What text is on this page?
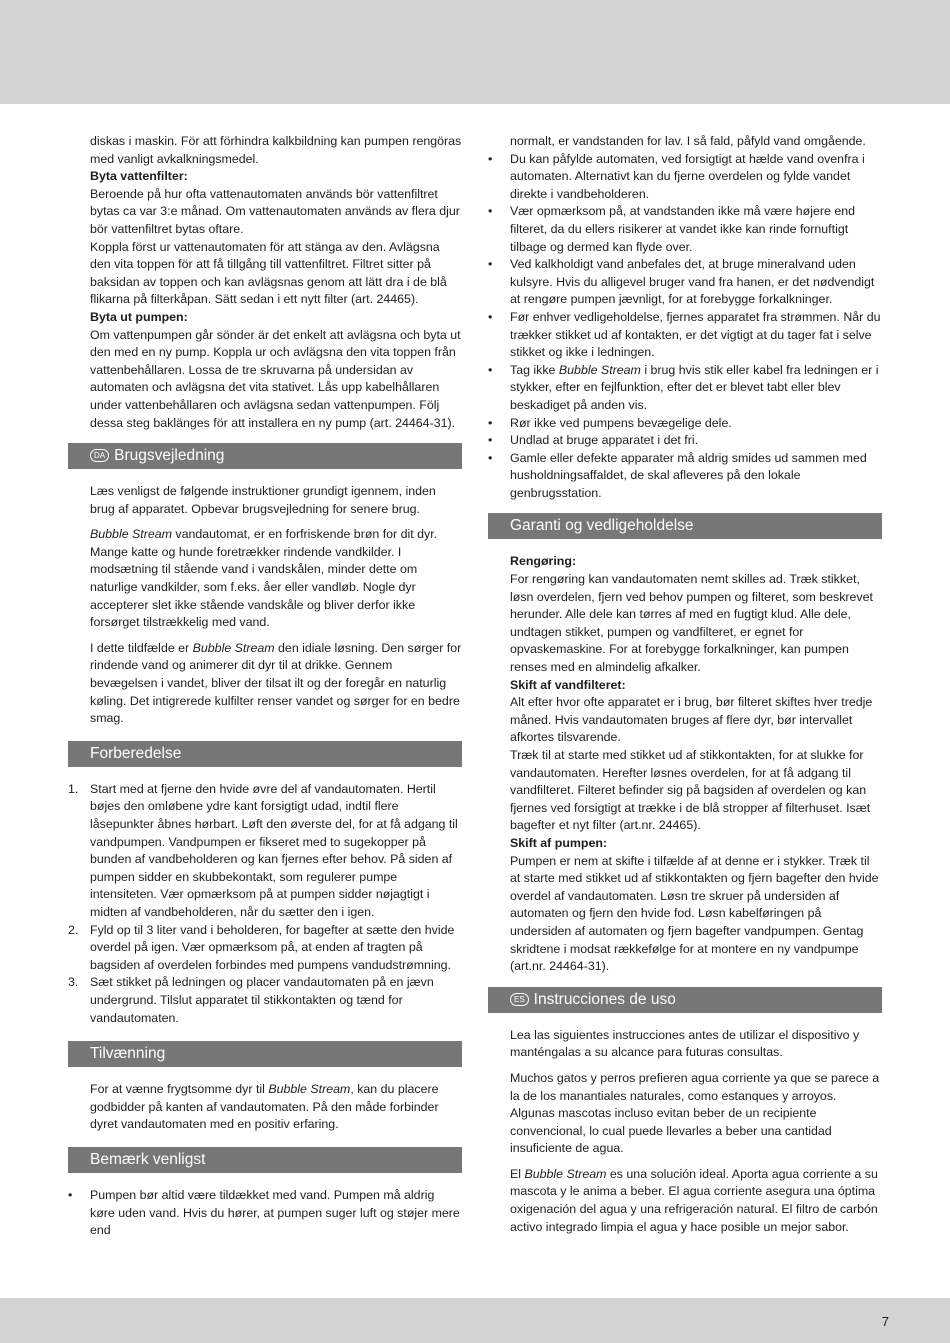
diskas i maskin. För att förhindra kalkbildning kan pumpen rengöras med vanligt avkalkningsmedel.

Byta vattenfilter:

Beroende på hur ofta vattenautomaten används bör vattenfiltret bytas ca var 3:e månad. Om vattenautomaten används av flera djur bör vattenfiltret bytas oftare.

Koppla först ur vattenautomaten för att stänga av den. Avlägsna den vita toppen för att få tillgång till vattenfiltret. Filtret sitter på baksidan av toppen och kan avlägsnas genom att lätt dra i de blå flikarna på filterkåpan. Sätt sedan i ett nytt filter (art. 24465).

Byta ut pumpen:

Om vattenpumpen går sönder är det enkelt att avlägsna och byta ut den med en ny pump. Koppla ur och avlägsna den vita toppen från vattenbehållaren. Lossa de tre skruvarna på undersidan av automaten och avlägsna det vita stativet. Lås upp kabelhållaren under vattenbehållaren och avlägsna sedan vattenpumpen. Följ dessa steg baklänges för att installera en ny pump (art. 24464-31).

DA Brugsvejledning

Læs venligst de følgende instruktioner grundigt igennem, inden brug af apparatet. Opbevar brugsvejledning for senere brug.

Bubble Stream vandautomat, er en forfriskende brøn for dit dyr. Mange katte og hunde foretrækker rindende vandkilder. I modsætning til stående vand i vandskålen, minder dette om naturlige vandkilder, som f.eks. åer eller vandløb. Nogle dyr accepterer slet ikke stående vandskåle og bliver derfor ikke forsørget tilstrækkelig med vand.

I dette tildfælde er Bubble Stream den idiale løsning. Den sørger for rindende vand og animerer dit dyr til at drikke. Gennem bevægelsen i vandet, bliver der tilsat ilt og der foregår en naturlig køling. Det intigrerede kulfilter renser vandet og sørger for en bedre smag.

Forberedelse
1. Start med at fjerne den hvide øvre del af vandautomaten. Hertil bøjes den omløbene ydre kant forsigtigt udad, indtil flere låsepunkter åbnes hørbart. Løft den øverste del, for at få adgang til vandpumpen. Vandpumpen er fikseret med to sugekopper på bunden af vandbeholderen og kan fjernes efter behov. På siden af pumpen sidder en skubbekontakt, som regulerer pumpe intensiteten. Vær opmærksom på at pumpen sidder nøjagtigt i midten af vandbeholderen, når du sætter den i igen.
2. Fyld op til 3 liter vand i beholderen, for bagefter at sætte den hvide overdel på igen. Vær opmærksom på, at enden af tragten på bagsiden af overdelen forbindes med pumpens vandudstrømning.
3. Sæt stikket på ledningen og placer vandautomaten på en jævn undergrund. Tilslut apparatet til stikkontakten og tænd for vandautomaten.
Tilvænning

For at vænne frygtsomme dyr til Bubble Stream, kan du placere godbidder på kanten af vandautomaten. På den måde forbinder dyret vandautomaten med en positiv erfaring.

Bemærk venligst
• Pumpen bør altid være tildækket med vand. Pumpen må aldrig køre uden vand. Hvis du hører, at pumpen suger luft og støjer mere end

normalt, er vandstanden for lav. I så fald, påfyld vand omgående.

• Du kan påfylde automaten, ved forsigtigt at hælde vand ovenfra i automaten. Alternativt kan du fjerne overdelen og fylde vandet direkte i vandbeholderen.
• Vær opmærksom på, at vandstanden ikke må være højere end filteret, da du ellers risikerer at vandet ikke kan rinde fornuftigt tilbage og dermed kan flyde over.
• Ved kalkholdigt vand anbefales det, at bruge mineralvand uden kulsyre. Hvis du alligevel bruger vand fra hanen, er det nødvendigt at rengøre pumpen jævnligt, for at forebygge forkalkninger.
• Før enhver vedligeholdelse, fjernes apparatet fra strømmen. Når du trækker stikket ud af kontakten, er det vigtigt at du tager fat i selve stikket og ikke i ledningen.
• Tag ikke Bubble Stream i brug hvis stik eller kabel fra ledningen er i stykker, efter en fejlfunktion, efter det er blevet tabt eller blev beskadiget på anden vis.
• Rør ikke ved pumpens bevægelige dele.
• Undlad at bruge apparatet i det fri.
• Gamle eller defekte apparater må aldrig smides ud sammen med husholdningsaffaldet, de skal afleveres på den lokale genbrugsstation.
Garanti og vedligeholdelse

Rengøring:

For rengøring kan vandautomaten nemt skilles ad. Træk stikket, løsn overdelen, fjern ved behov pumpen og filteret, som beskrevet herunder. Alle dele kan tørres af med en fugtigt klud. Alle dele, undtagen stikket, pumpen og vandfilteret, er egnet for opvaskemaskine. For at forebygge forkalkninger, kan pumpen renses med en almindelig afkalker.

Skift af vandfilteret:

Alt efter hvor ofte apparatet er i brug, bør filteret skiftes hver tredje måned. Hvis vandautomaten bruges af flere dyr, bør intervallet afkortes tilsvarende.

Træk til at starte med stikket ud af stikkontakten, for at slukke for vandautomaten. Herefter løsnes overdelen, for at få adgang til vandfilteret. Filteret befinder sig på bagsiden af overdelen og kan fjernes ved forsigtigt at trække i de blå stropper af filterhuset. Isæt bagefter et nyt filter (art.nr. 24465).

Skift af pumpen:

Pumpen er nem at skifte i tilfælde af at denne er i stykker. Træk til at starte med stikket ud af stikkontakten og fjern bagefter den hvide overdel af vandautomaten. Løsn tre skruer på undersiden af automaten og fjern den hvide fod. Løsn kabelføringen på undersiden af automaten og fjern bagefter vandpumpen. Gentag skridtene i modsat rækkefølge for at montere en ny vandpumpe (art.nr. 24464-31).

ES Instrucciones de uso

Lea las siguientes instrucciones antes de utilizar el dispositivo y manténgalas a su alcance para futuras consultas.

Muchos gatos y perros prefieren agua corriente ya que se parece a la de los manantiales naturales, como estanques y arroyos. Algunas mascotas incluso evitan beber de un recipiente convencional, lo cual puede llevarles a beber una cantidad insuficiente de agua.

El Bubble Stream es una solución ideal. Aporta agua corriente a su mascota y le anima a beber. El agua corriente asegura una óptima oxigenación del agua y una refrigeración natural. El filtro de carbón activo integrado limpia el agua y hace posible un mejor sabor.

7
